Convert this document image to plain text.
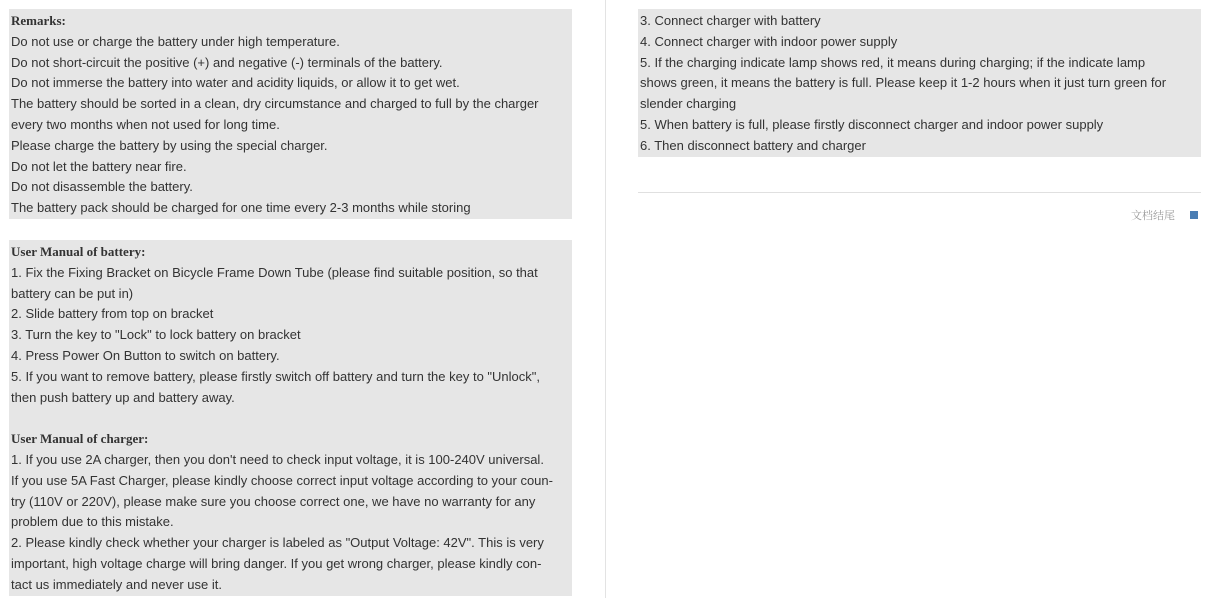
Remarks:
Do not use or charge the battery under high temperature.
Do not short-circuit the positive (+) and negative (-) terminals of the battery.
Do not immerse the battery into water and acidity liquids, or allow it to get wet.
The battery should be sorted in a clean, dry circumstance and charged to full by the charger
every two months when not used for long time.
Please charge the battery by using the special charger.
Do not let the battery near fire.
Do not disassemble the battery.
The battery pack should be charged for one time every 2-3 months while storing
User Manual of battery:
1. Fix the Fixing Bracket on Bicycle Frame Down Tube (please find suitable position, so that
battery can be put in)
2. Slide battery from top on bracket
3. Turn the key to "Lock" to lock battery on bracket
4. Press Power On Button to switch on battery.
5. If you want to remove battery, please firstly switch off battery and turn the key to "Unlock",
then push battery up and battery away.
User Manual of charger:
1. If you use 2A charger, then you don't need to check input voltage, it is 100-240V universal.
If you use 5A Fast Charger, please kindly choose correct input voltage according to your coun-
try (110V or 220V), please make sure you choose correct one, we have no warranty for any
problem due to this mistake.
2. Please kindly check whether your charger is labeled as "Output Voltage: 42V". This is very
important, high voltage charge will bring danger. If you get wrong charger, please kindly con-
tact us immediately and never use it.
3. Connect charger with battery
4. Connect charger with indoor power supply
5. If the charging indicate lamp shows red, it means during charging; if the indicate lamp
shows green, it means the battery is full. Please keep it 1-2 hours when it just turn green for
slender charging
5. When battery is full, please firstly disconnect charger and indoor power supply
6. Then disconnect battery and charger
文档结尾
